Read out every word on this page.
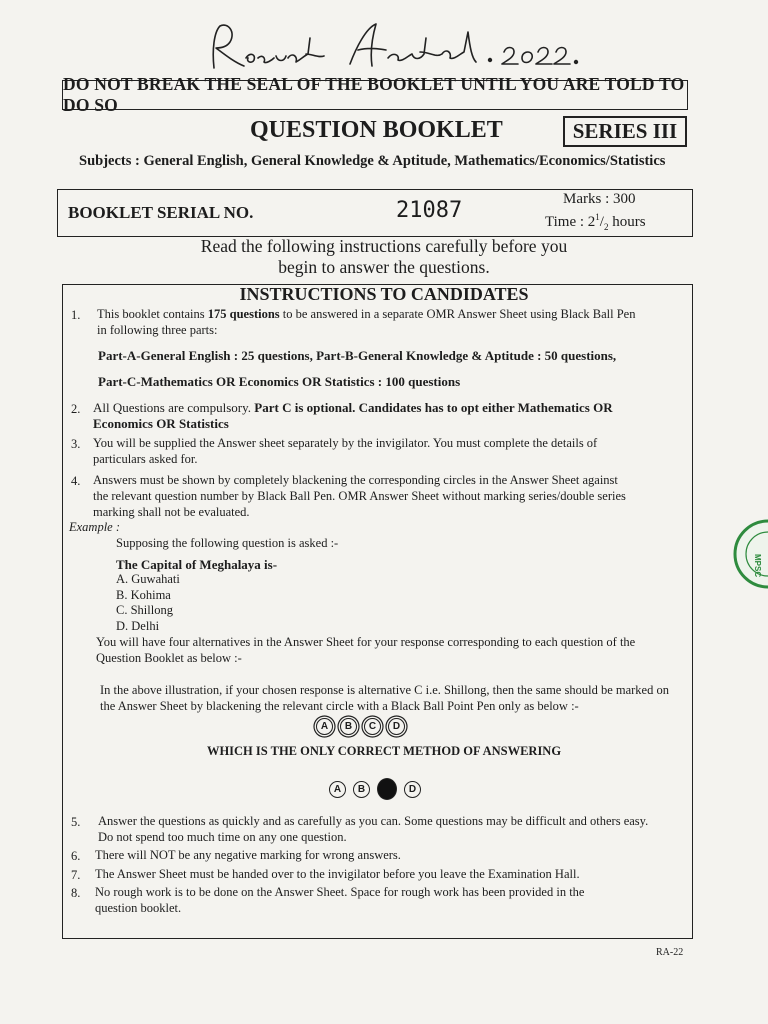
DO NOT BREAK THE SEAL OF THE BOOKLET UNTIL YOU ARE TOLD TO DO SO
QUESTION BOOKLET	SERIES III
Subjects : General English, General Knowledge & Aptitude, Mathematics/Economics/Statistics
BOOKLET SERIAL NO.	21087	Marks : 300
Time : $2^1/_2$ hours
Read the following instructions carefully before you
begin to answer the questions.
INSTRUCTIONS TO CANDIDATES
1. This booklet contains 175 questions to be answered in a separate OMR Answer Sheet using Black Ball Pen
in following three parts:
Part-A-General English : 25 questions, Part-B-General Knowledge & Aptitude : 50 questions,
Part-C-Mathematics OR Economics OR Statistics : 100 questions
2. All Questions are compulsory. Part C is optional. Candidates has to opt either Mathematics OR
Economics OR Statistics
3. You will be supplied the Answer sheet separately by the invigilator. You must complete the details of
particulars asked for.
4. Answers must be shown by completely blackening the corresponding circles in the Answer Sheet against
the relevant question number by Black Ball Pen. OMR Answer Sheet without marking series/double series
marking shall not be evaluated.
Example :
Supposing the following question is asked :-
The Capital of Meghalaya is-
A. Guwahati
B. Kohima
C. Shillong
D. Delhi
You will have four alternatives in the Answer Sheet for your response corresponding to each question of the
Question Booklet as below :-
In the above illustration, if your chosen response is alternative C i.e. Shillong, then the same should be marked on
the Answer Sheet by blackening the relevant circle with a Black Ball Point Pen only as below :-
A	B	C	D
WHICH IS THE ONLY CORRECT METHOD OF ANSWERING
A	B	D
5. Answer the questions as quickly and as carefully as you can. Some questions may be difficult and others easy.
Do not spend too much time on any one question.
6. There will NOT be any negative marking for wrong answers.
7. The Answer Sheet must be handed over to the invigilator before you leave the Examination Hall.
8. No rough work is to be done on the Answer Sheet. Space for rough work has been provided in the
question booklet.
MPSC
RA-22
